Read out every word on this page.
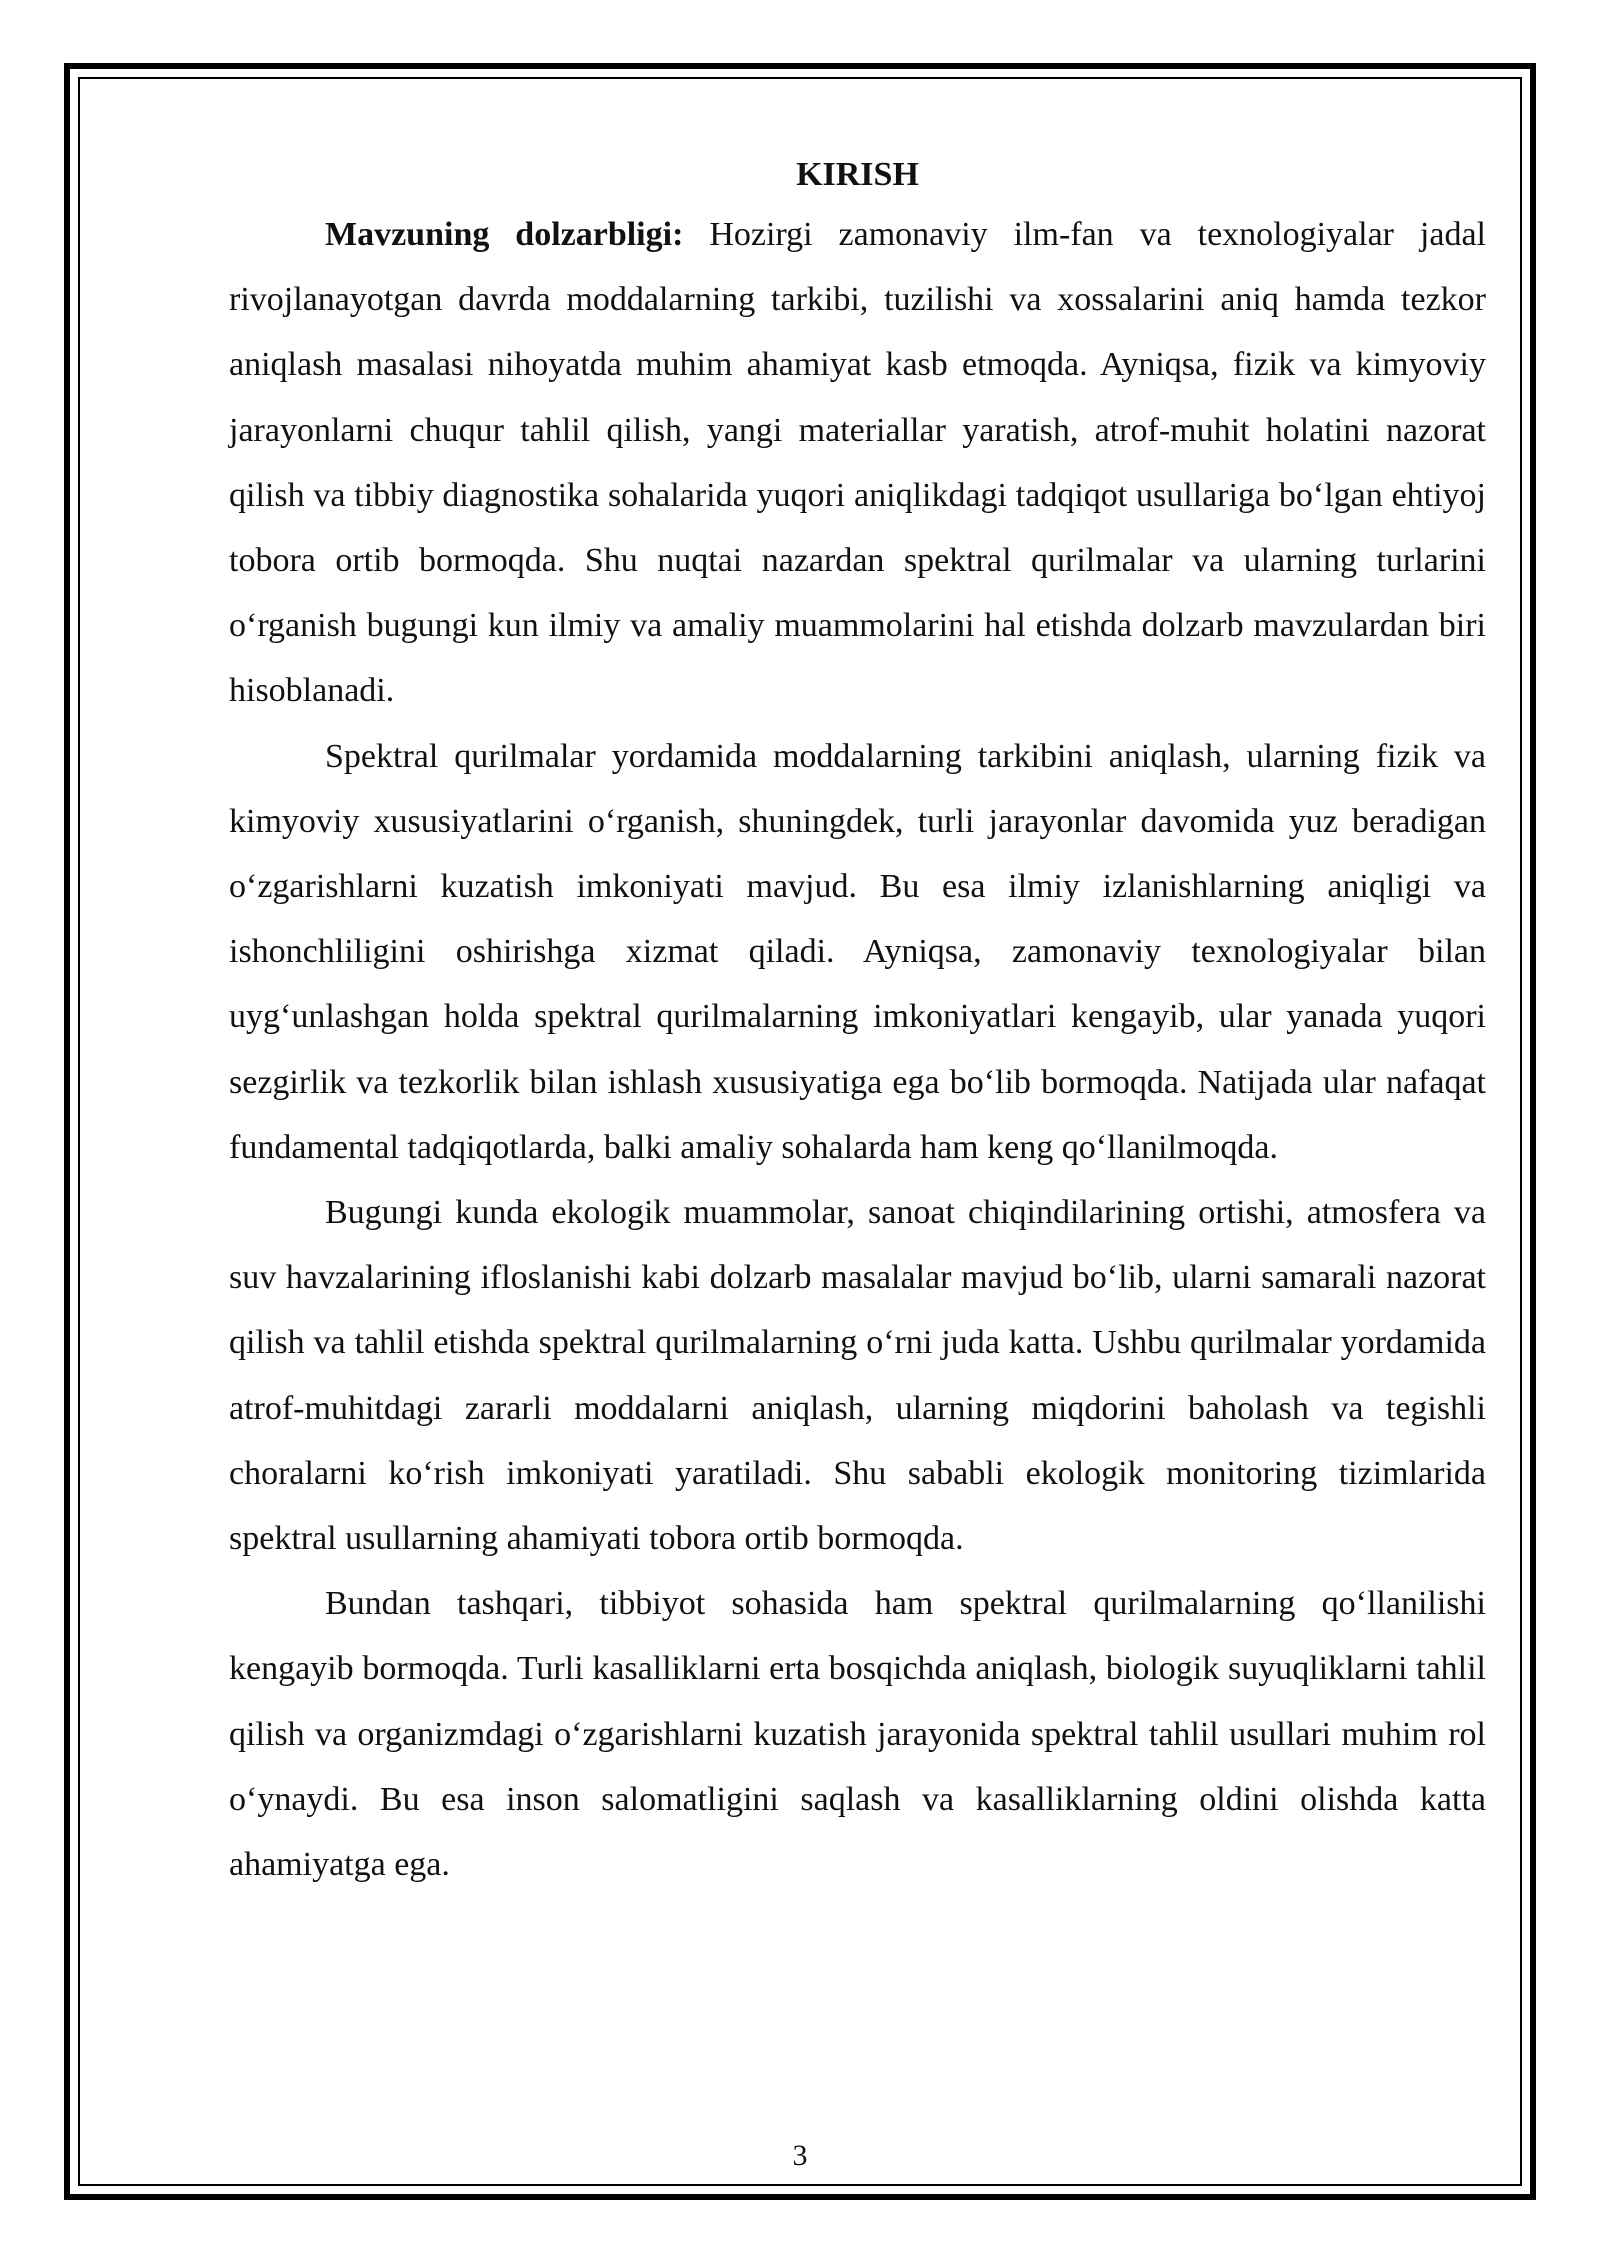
KIRISH

Mavzuning dolzarbligi: Hozirgi zamonaviy ilm-fan va texnologiyalar jadal rivojlanayotgan davrda moddalarning tarkibi, tuzilishi va xossalarini aniq hamda tezkor aniqlash masalasi nihoyatda muhim ahamiyat kasb etmoqda. Ayniqsa, fizik va kimyoviy jarayonlarni chuqur tahlil qilish, yangi materiallar yaratish, atrof-muhit holatini nazorat qilish va tibbiy diagnostika sohalarida yuqori aniqlikdagi tadqiqot usullariga boʻlgan ehtiyoj tobora ortib bormoqda. Shu nuqtai nazardan spektral qurilmalar va ularning turlarini oʻrganish bugungi kun ilmiy va amaliy muammolarini hal etishda dolzarb mavzulardan biri hisoblanadi.

Spektral qurilmalar yordamida moddalarning tarkibini aniqlash, ularning fizik va kimyoviy xususiyatlarini oʻrganish, shuningdek, turli jarayonlar davomida yuz beradigan oʻzgarishlarni kuzatish imkoniyati mavjud. Bu esa ilmiy izlanishlarning aniqligi va ishonchliligini oshirishga xizmat qiladi. Ayniqsa, zamonaviy texnologiyalar bilan uygʻunlashgan holda spektral qurilmalarning imkoniyatlari kengayib, ular yanada yuqori sezgirlik va tezkorlik bilan ishlash xususiyatiga ega boʻlib bormoqda. Natijada ular nafaqat fundamental tadqiqotlarda, balki amaliy sohalarda ham keng qoʻllanilmoqda.

Bugungi kunda ekologik muammolar, sanoat chiqindilarining ortishi, atmosfera va suv havzalarining ifloslanishi kabi dolzarb masalalar mavjud boʻlib, ularni samarali nazorat qilish va tahlil etishda spektral qurilmalarning oʻrni juda katta. Ushbu qurilmalar yordamida atrof-muhitdagi zararli moddalarni aniqlash, ularning miqdorini baholash va tegishli choralarni koʻrish imkoniyati yaratiladi. Shu sababli ekologik monitoring tizimlarida spektral usullarning ahamiyati tobora ortib bormoqda.

Bundan tashqari, tibbiyot sohasida ham spektral qurilmalarning qoʻllanilishi kengayib bormoqda. Turli kasalliklarni erta bosqichda aniqlash, biologik suyuqliklarni tahlil qilish va organizmdagi oʻzgarishlarni kuzatish jarayonida spektral tahlil usullari muhim rol oʻynaydi. Bu esa inson salomatligini saqlash va kasalliklarning oldini olishda katta ahamiyatga ega.

3
